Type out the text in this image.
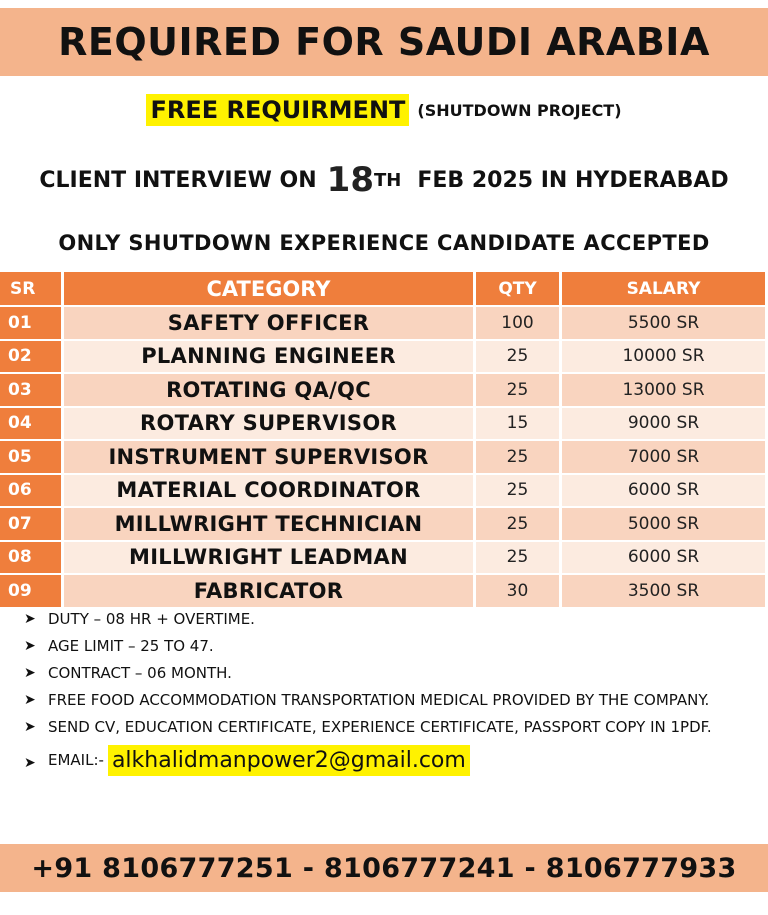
REQUIRED FOR SAUDI ARABIA
FREE REQUIRMENT (SHUTDOWN PROJECT)
CLIENT INTERVIEW ON 18 TH FEB 2025 IN HYDERABAD
ONLY SHUTDOWN EXPERIENCE CANDIDATE ACCEPTED
SR	CATEGORY	QTY	SALARY
01	SAFETY OFFICER	100	5500 SR
02	PLANNING ENGINEER	25	10000 SR
03	ROTATING QA/QC	25	13000 SR
04	ROTARY SUPERVISOR	15	9000 SR
05	INSTRUMENT SUPERVISOR	25	7000 SR
06	MATERIAL COORDINATOR	25	6000 SR
07	MILLWRIGHT TECHNICIAN	25	5000 SR
08	MILLWRIGHT LEADMAN	25	6000 SR
09	FABRICATOR	30	3500 SR
➤ DUTY – 08 HR + OVERTIME.
➤ AGE LIMIT – 25 TO 47.
➤ CONTRACT – 06 MONTH.
➤ FREE FOOD ACCOMMODATION TRANSPORTATION MEDICAL PROVIDED BY THE COMPANY.
➤ SEND CV, EDUCATION CERTIFICATE, EXPERIENCE CERTIFICATE, PASSPORT COPY IN 1PDF.
➤ EMAIL:- alkhalidmanpower2@gmail.com
+91 8106777251 - 8106777241 - 8106777933
